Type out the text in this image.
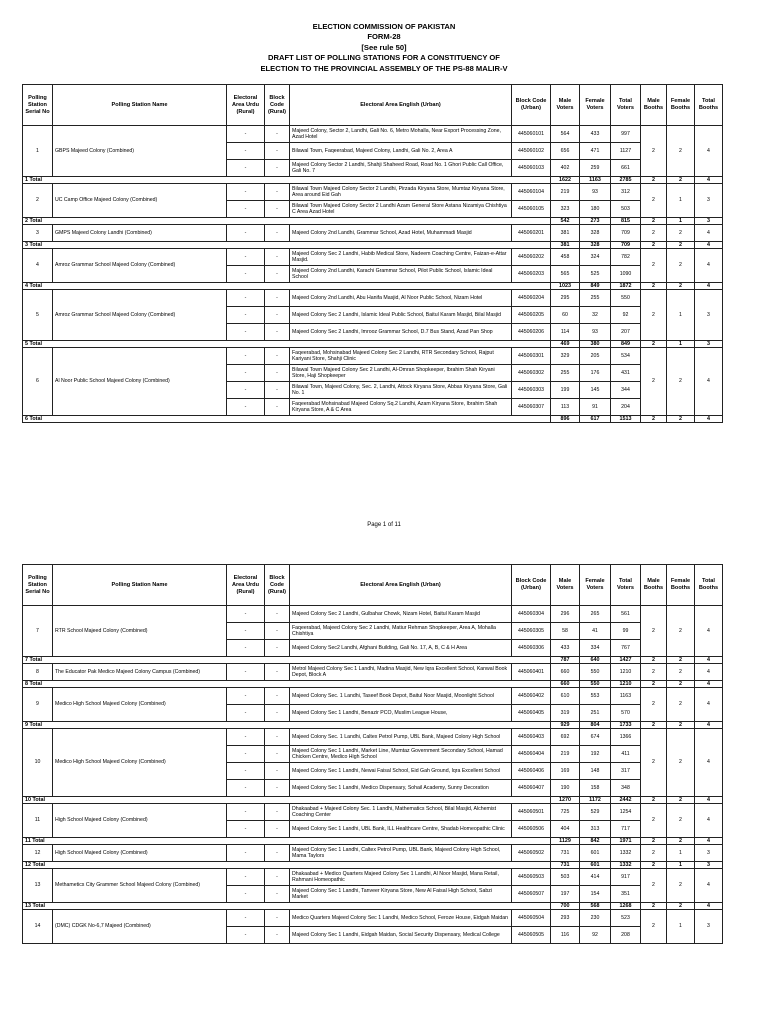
ELECTION COMMISSION OF PAKISTAN
FORM-28
[See rule 50]
DRAFT LIST OF POLLING STATIONS FOR A CONSTITUENCY OF
ELECTION TO THE PROVINCIAL ASSEMBLY OF THE PS-88 MALIR-V
Polling Station Serial No	Polling Station Name	Electoral Area Urdu (Rural)	Block Code (Rural)	Electoral Area English (Urban)	Block Code (Urban)	Male Voters	Female Voters	Total Voters	Male Booths	Female Booths	Total Booths
1	GBPS Majeed Colony (Combined)	-	-	Majeed Colony, Sector 2, Landhi, Gali No. 6, Metro Mohalla, Near Export Processing Zone, Azad Hotel	445060101	564	433	997	2	2	4
		-	-	Bilawal Town, Faqeerabad, Majeed Colony, Landhi, Gali No. 2, Area A	445060102	656	471	1127			
		-	-	Majeed Colony Sector 2 Landhi, Shahji Shaheed Road, Road No. 1 Ghori Public Call Office, Gali No. 7	445060103	402	259	661			
1 Total						1622	1163	2785	2	2	4
2	UC Camp Office Majeed Colony (Combined)	-	-	Bilawal Town Majeed Colony Sector 2 Landhi, Pirzada Kiryana Store, Mumtaz Kiryana Store, Area around Eid Gah	445060104	219	93	312	2	1	3
		-	-	Bilawal Town Majeed Colony Sector 2 Landhi Azam General Store Astana Nizamiya Chishtiya C Area Azad Hotel	445060105	323	180	503			
2 Total						542	273	815	2	1	3
3	GMPS Majeed Colony Landhi (Combined)	-	-	Majeed Colony 2nd Landhi, Grammar School, Azad Hotel, Muhammadi Masjid	445060201	381	328	709	2	2	4
3 Total						381	328	709	2	2	4
4	Amroz Grammar School Majeed Colony (Combined)	-	-	Majeed Colony Sec 2 Landhi, Habib Medical Store, Nadeem Coaching Centre, Faizan-e-Attar Masjid.	445060202	458	324	782	2	2	4
		-	-	Majeed Colony 2nd Landhi, Karachi Grammar School, Pilot Public School, Islamic Ideal School	445060203	565	525	1090			
4 Total						1023	849	1872	2	2	4
5	Amroz Grammar School Majeed Colony (Combined)	-	-	Majeed Colony 2nd Landhi, Abu Hanifa Masjid, Al Noor Public School, Nizam Hotel	445060204	295	255	550	2	1	3
		-	-	Majeed Colony Sec 2 Landhi, Islamic Ideal Public School, Baitul Karam Masjid, Bilal Masjid	445060205	60	32	92			
		-	-	Majeed Colony Sec 2 Landhi, Imrooz Grammar School, D.7 Bus Stand, Azad Pan Shop	445060206	114	93	207			
5 Total						469	380	849	2	1	3
6	Al Noor Public School Majeed Colony (Combined)	-	-	Faqeerabad, Mohsinabad Majeed Colony Sec 2 Landhi, RTR Secondary School, Rajput Kariyani Store, Shahji Clinic	445060301	329	205	534	2	2	4
		-	-	Bilawal Town Majeed Colony Sec 2 Landhi, Al-Omran Shopkeeper, Ibrahim Shah Kiryani Store, Haji Shopkeeper	445060302	255	176	431			
		-	-	Bilawal Town, Majeed Colony, Sec. 2, Landhi, Attock Kiryana Store, Abbas Kiryana Store, Gali No. 1	445060303	199	145	344			
		-	-	Faqeerabad Mohsinabad Majeed Colony Sq.2 Landhi, Azam Kiryana Store, Ibrahim Shah Kiryana Store, A & C Area	445060307	113	91	204			
6 Total						896	617	1513	2	2	4
Page 1 of 11
Polling Station Serial No	Polling Station Name	Electoral Area Urdu (Rural)	Block Code (Rural)	Electoral Area English (Urban)	Block Code (Urban)	Male Voters	Female Voters	Total Voters	Male Booths	Female Booths	Total Booths
7	RTR School Majeed Colony (Combined)	-	-	Majeed Colony Sec 2 Landhi, Gulbahar Chowk, Nizam Hotel, Baitul Karam Masjid	445060304	296	265	561	2	2	4
		-	-	Faqeerabad, Majeed Colony Sec 2 Landhi, Matiur Rehman Shopkeeper, Area A, Mohalla Chishtiya	445060305	58	41	99			
		-	-	Majeed Colony Sec2 Landhi, Afghani Building, Gali No. 17, A, B, C & H Area	445060306	433	334	767			
7 Total						787	640	1427	2	2	4
8	The Educator Pak Medico Majeed Colony Campus (Combined)	-	-	Metrol Majeed Colony Sec 1 Landhi, Madina Masjid, New Iqra Excellent School, Kanwal Book Depot, Block A	445060401	660	550	1210	2	2	4
8 Total						660	550	1210	2	2	4
9	Medico High School Majeed Colony (Combined)	-	-	Majeed Colony Sec. 1 Landhi, Taseef Book Depot, Baitul Noor Masjid, Moonlight School	445060402	610	553	1163	2	2	4
		-	-	Majeed Colony Sec 1 Landhi, Benazir PCO, Muslim League House,	445060405	319	251	570			
9 Total						929	804	1733	2	2	4
10	Medico High School Majeed Colony (Combined)	-	-	Majeed Colony Sec. 1 Landhi, Caltex Petrol Pump, UBL Bank, Majeed Colony High School	445060403	692	674	1366	2	2	4
		-	-	Majeed Colony Sec 1 Landhi, Market Line, Mumtaz Government Secondary School, Hamad Chicken Centre, Medico High School	445060404	219	192	411			
		-	-	Majeed Colony Sec 1 Landhi, Newai Faisal School, Eid Gah Ground, Iqra Excellent School	445060406	169	148	317			
		-	-	Majeed Colony Sec 1 Landhi, Medico Dispensary, Sohail Academy, Sunny Decoration	445060407	190	158	348			
10 Total						1270	1172	2442	2	2	4
11	High School Majeed Colony (Combined)	-	-	Dhakaabad + Majeed Colony Sec. 1 Landhi, Mathematics School, Bilal Masjid, Alchemist Coaching Center	445060501	725	529	1254	2	2	4
		-	-	Majeed Colony Sec 1 Landhi, UBL Bank, ILL Healthcare Centre, Shadab Homeopathic Clinic	445060506	404	313	717			
11 Total						1129	842	1971	2	2	4
12	High School Majeed Colony (Combined)	-	-	Majeed Colony Sec 1 Landhi, Caltex Petrol Pump, UBL Bank, Majeed Colony High School, Mama Taylors	445060502	731	601	1332	2	1	3
12 Total						731	601	1332	2	1	3
13	Methametics City Grammer School Majeed Colony (Combined)	-	-	Dhakaabad + Medico Quarters Majeed Colony Sec 1 Landhi, Al Noor Masjid, Mana Retail, Rahmani Homeopathic	445060503	503	414	917	2	2	4
		-	-	Majeed Colony Sec 1 Landhi, Tanveer Kiryana Store, New Al Faisal High School, Sabzi Market	445060507	197	154	351			
13 Total						700	568	1268	2	2	4
14	(DMC) CDGK No-6,7 Majeed (Combined)	-	-	Medico Quarters Majeed Colony Sec 1 Landhi, Medico School, Feroze House, Eidgah Maidan	445060504	293	230	523	2	1	3
		-	-	Majeed Colony Sec 1 Landhi, Eidgah Maidan, Social Security Dispensary, Medical College	445060505	116	92	208			
